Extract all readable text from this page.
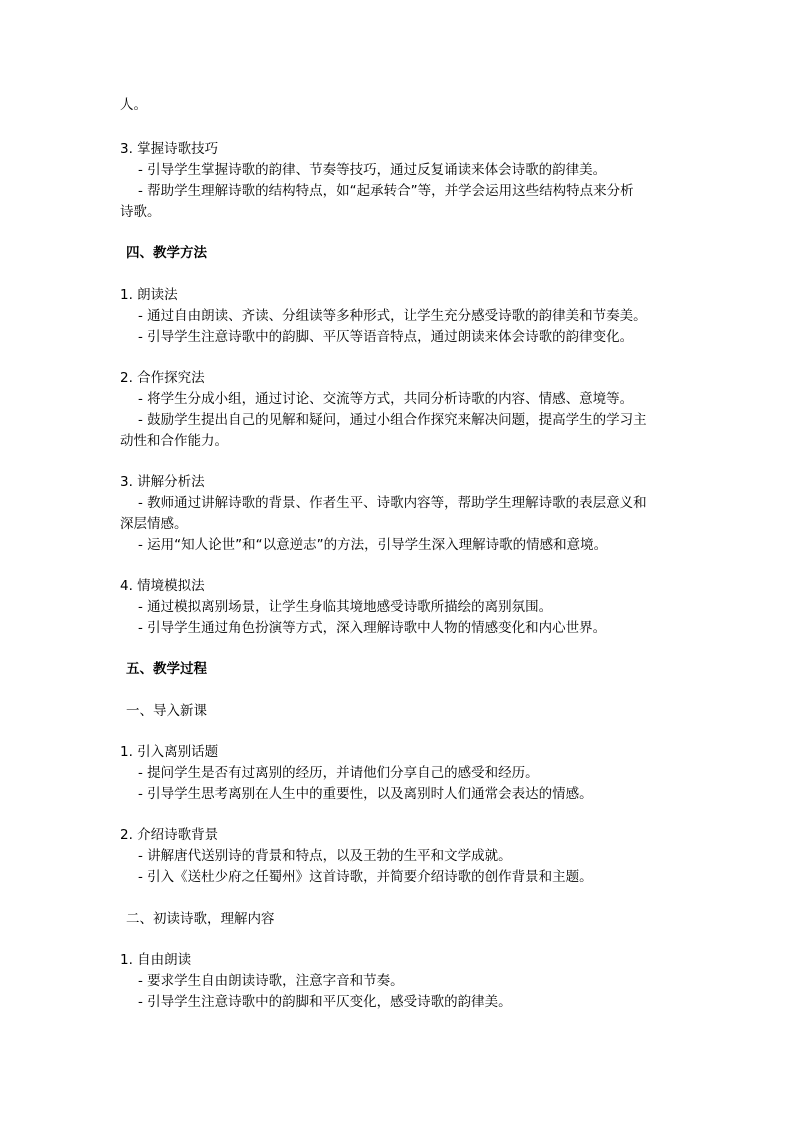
人。
3. 掌握诗歌技巧
- 引导学生掌握诗歌的韵律、节奏等技巧，通过反复诵读来体会诗歌的韵律美。
- 帮助学生理解诗歌的结构特点，如“起承转合”等，并学会运用这些结构特点来分析
诗歌。
四、教学方法
1. 朗读法
- 通过自由朗读、齐读、分组读等多种形式，让学生充分感受诗歌的韵律美和节奏美。
- 引导学生注意诗歌中的韵脚、平仄等语音特点，通过朗读来体会诗歌的韵律变化。
2. 合作探究法
- 将学生分成小组，通过讨论、交流等方式，共同分析诗歌的内容、情感、意境等。
- 鼓励学生提出自己的见解和疑问，通过小组合作探究来解决问题，提高学生的学习主
动性和合作能力。
3. 讲解分析法
- 教师通过讲解诗歌的背景、作者生平、诗歌内容等，帮助学生理解诗歌的表层意义和
深层情感。
- 运用“知人论世”和“以意逆志”的方法，引导学生深入理解诗歌的情感和意境。
4. 情境模拟法
- 通过模拟离别场景，让学生身临其境地感受诗歌所描绘的离别氛围。
- 引导学生通过角色扮演等方式，深入理解诗歌中人物的情感变化和内心世界。
五、教学过程
一、导入新课
1. 引入离别话题
- 提问学生是否有过离别的经历，并请他们分享自己的感受和经历。
- 引导学生思考离别在人生中的重要性，以及离别时人们通常会表达的情感。
2. 介绍诗歌背景
- 讲解唐代送别诗的背景和特点，以及王勃的生平和文学成就。
- 引入《送杜少府之任蜀州》这首诗歌，并简要介绍诗歌的创作背景和主题。
二、初读诗歌，理解内容
1. 自由朗读
- 要求学生自由朗读诗歌，注意字音和节奏。
- 引导学生注意诗歌中的韵脚和平仄变化，感受诗歌的韵律美。
